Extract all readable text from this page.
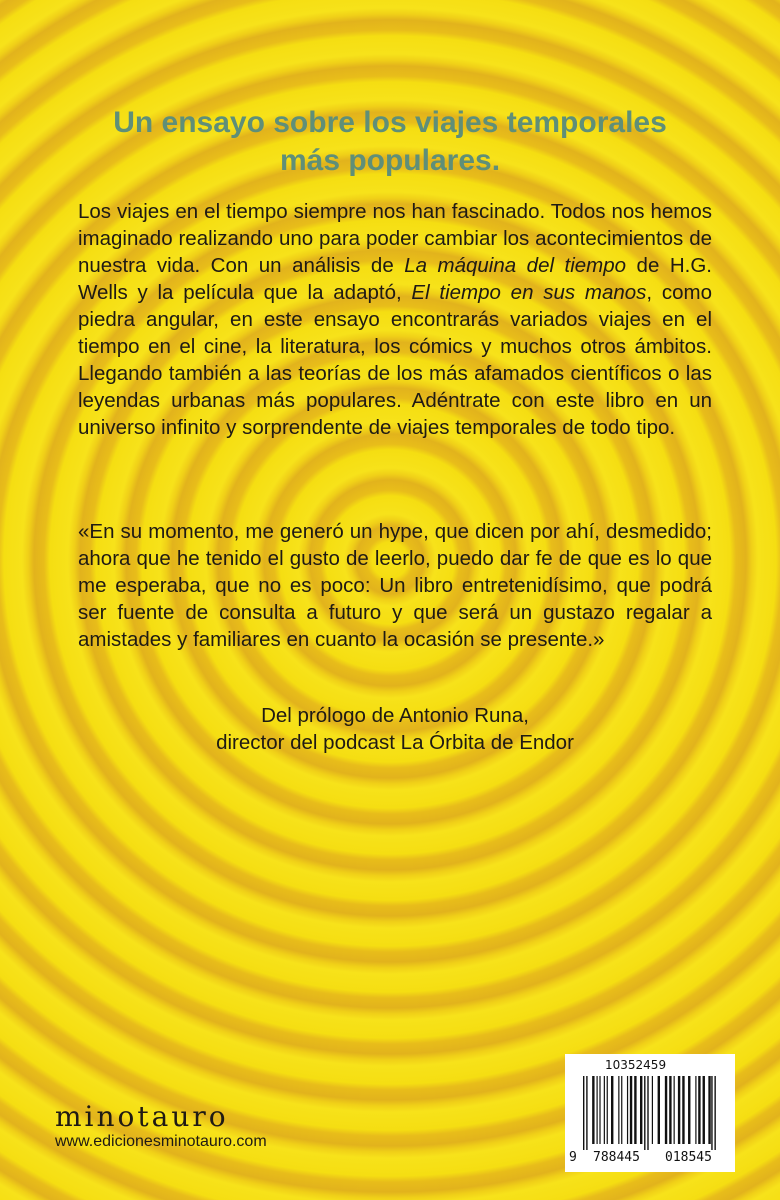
Un ensayo sobre los viajes temporales
más populares.

Los viajes en el tiempo siempre nos han fascinado. Todos nos hemos imaginado realizando uno para poder cambiar los acontecimientos de nuestra vida. Con un análisis de La máquina del tiempo de H.G. Wells y la película que la adaptó, El tiempo en sus manos, como piedra angular, en este ensayo encontrarás variados viajes en el tiempo en el cine, la literatura, los cómics y muchos otros ámbitos. Llegando también a las teorías de los más afamados científicos o las leyendas urbanas más populares. Adéntrate con este libro en un universo infinito y sorprendente de viajes temporales de todo tipo.

«En su momento, me generó un hype, que dicen por ahí, desmedido; ahora que he tenido el gusto de leerlo, puedo dar fe de que es lo que me esperaba, que no es poco: Un libro entretenidísimo, que podrá ser fuente de consulta a futuro y que será un gustazo regalar a amistades y familiares en cuanto la ocasión se presente.»

Del prólogo de Antonio Runa,
director del podcast La Órbita de Endor
minotauro
www.edicionesminotauro.com
10352459
9 788445 018545
